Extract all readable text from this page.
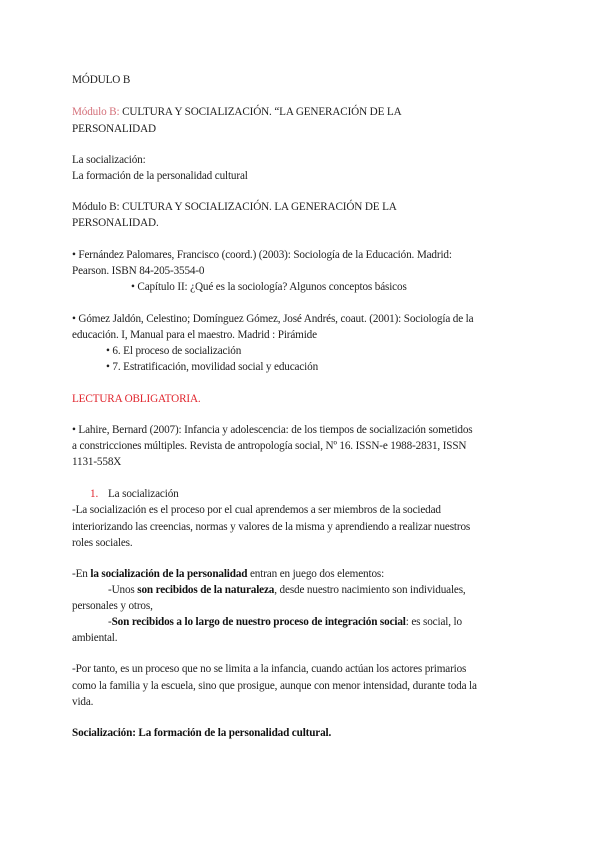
MÓDULO B
Módulo B: CULTURA Y SOCIALIZACIÓN. “LA GENERACIÓN DE LA
PERSONALIDAD
La socialización:
La formación de la personalidad cultural
Módulo B: CULTURA Y SOCIALIZACIÓN. LA GENERACIÓN DE LA
PERSONALIDAD.
• Fernández Palomares, Francisco (coord.) (2003): Sociología de la Educación. Madrid:
Pearson. ISBN 84-205-3554-0
• Capítulo II: ¿Qué es la sociología? Algunos conceptos básicos
• Gómez Jaldón, Celestino; Domínguez Gómez, José Andrés, coaut. (2001): Sociología de la
educación. I, Manual para el maestro. Madrid : Pirámide
• 6. El proceso de socialización
• 7. Estratificación, movilidad social y educación
LECTURA OBLIGATORIA.
• Lahire, Bernard (2007): Infancia y adolescencia: de los tiempos de socialización sometidos
a constricciones múltiples. Revista de antropología social, Nº 16. ISSN-e 1988-2831, ISSN
1131-558X
1. La socialización
-La socialización es el proceso por el cual aprendemos a ser miembros de la sociedad
interiorizando las creencias, normas y valores de la misma y aprendiendo a realizar nuestros
roles sociales.
-En la socialización de la personalidad entran en juego dos elementos:
-Unos son recibidos de la naturaleza, desde nuestro nacimiento son individuales,
personales y otros,
-Son recibidos a lo largo de nuestro proceso de integración social: es social, lo
ambiental.
-Por tanto, es un proceso que no se limita a la infancia, cuando actúan los actores primarios
como la familia y la escuela, sino que prosigue, aunque con menor intensidad, durante toda la
vida.
Socialización: La formación de la personalidad cultural.
